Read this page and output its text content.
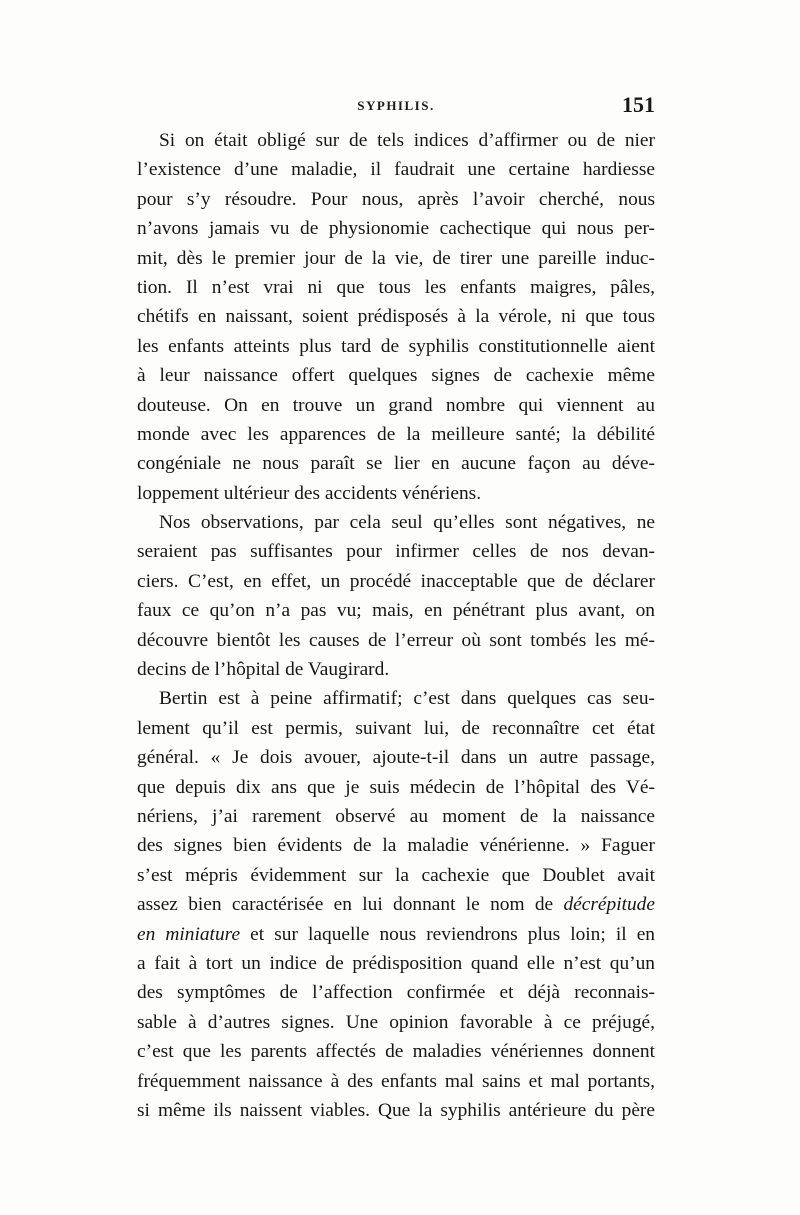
SYPHILIS.	151
Si on était obligé sur de tels indices d’affirmer ou de nier
l’existence d’une maladie, il faudrait une certaine hardiesse
pour s’y résoudre. Pour nous, après l’avoir cherché, nous
n’avons jamais vu de physionomie cachectique qui nous per-
mit, dès le premier jour de la vie, de tirer une pareille induc-
tion. Il n’est vrai ni que tous les enfants maigres, pâles,
chétifs en naissant, soient prédisposés à la vérole, ni que tous
les enfants atteints plus tard de syphilis constitutionnelle aient
à leur naissance offert quelques signes de cachexie même
douteuse. On en trouve un grand nombre qui viennent au
monde avec les apparences de la meilleure santé; la débilité
congéniale ne nous paraît se lier en aucune façon au déve-
loppement ultérieur des accidents vénériens.
Nos observations, par cela seul qu’elles sont négatives, ne
seraient pas suffisantes pour infirmer celles de nos devan-
ciers. C’est, en effet, un procédé inacceptable que de déclarer
faux ce qu’on n’a pas vu; mais, en pénétrant plus avant, on
découvre bientôt les causes de l’erreur où sont tombés les mé-
decins de l’hôpital de Vaugirard.
Bertin est à peine affirmatif; c’est dans quelques cas seu-
lement qu’il est permis, suivant lui, de reconnaître cet état
général. « Je dois avouer, ajoute-t-il dans un autre passage,
que depuis dix ans que je suis médecin de l’hôpital des Vé-
nériens, j’ai rarement observé au moment de la naissance
des signes bien évidents de la maladie vénérienne. » Faguer
s’est mépris évidemment sur la cachexie que Doublet avait
assez bien caractérisée en lui donnant le nom de décrépitude
en miniature et sur laquelle nous reviendrons plus loin; il en
a fait à tort un indice de prédisposition quand elle n’est qu’un
des symptômes de l’affection confirmée et déjà reconnais-
sable à d’autres signes. Une opinion favorable à ce préjugé,
c’est que les parents affectés de maladies vénériennes donnent
fréquemment naissance à des enfants mal sains et mal portants,
si même ils naissent viables. Que la syphilis antérieure du père
